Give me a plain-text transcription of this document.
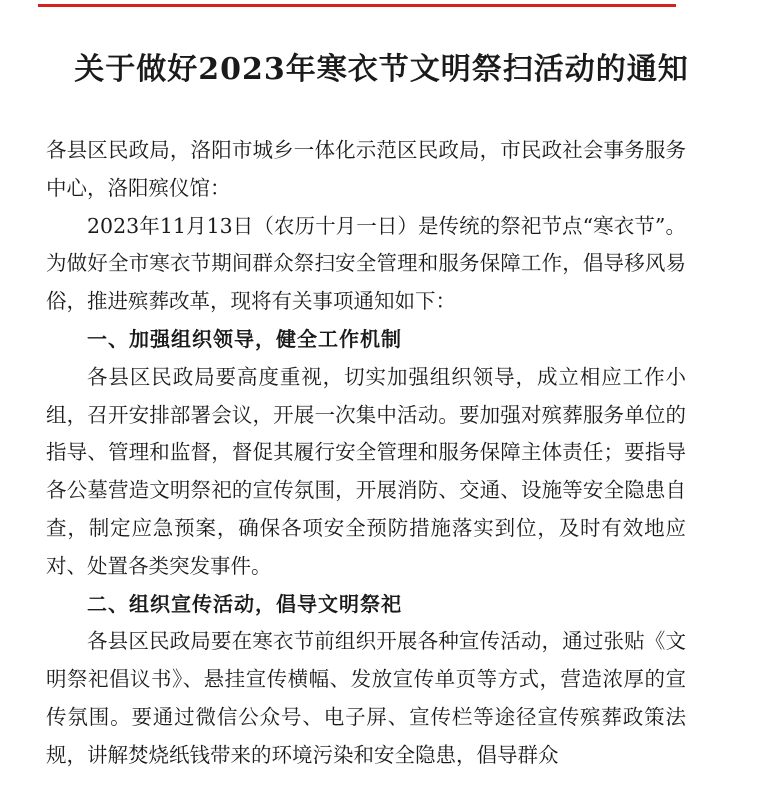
关于做好2023年寒衣节文明祭扫活动的通知
各县区民政局，洛阳市城乡一体化示范区民政局，市民政社会事务服务中心，洛阳殡仪馆：
2023年11月13日（农历十月一日）是传统的祭祀节点“寒衣节”。为做好全市寒衣节期间群众祭扫安全管理和服务保障工作，倡导移风易俗，推进殡葬改革，现将有关事项通知如下：
一、加强组织领导，健全工作机制
各县区民政局要高度重视，切实加强组织领导，成立相应工作小组，召开安排部署会议，开展一次集中活动。要加强对殡葬服务单位的指导、管理和监督，督促其履行安全管理和服务保障主体责任；要指导各公墓营造文明祭祀的宣传氛围，开展消防、交通、设施等安全隐患自查，制定应急预案，确保各项安全预防措施落实到位，及时有效地应对、处置各类突发事件。
二、组织宣传活动，倡导文明祭祀
各县区民政局要在寒衣节前组织开展各种宣传活动，通过张贴《文明祭祀倡议书》、悬挂宣传横幅、发放宣传单页等方式，营造浓厚的宣传氛围。要通过微信公众号、电子屏、宣传栏等途径宣传殡葬政策法规，讲解焚烧纸钱带来的环境污染和安全隐患，倡导群众
